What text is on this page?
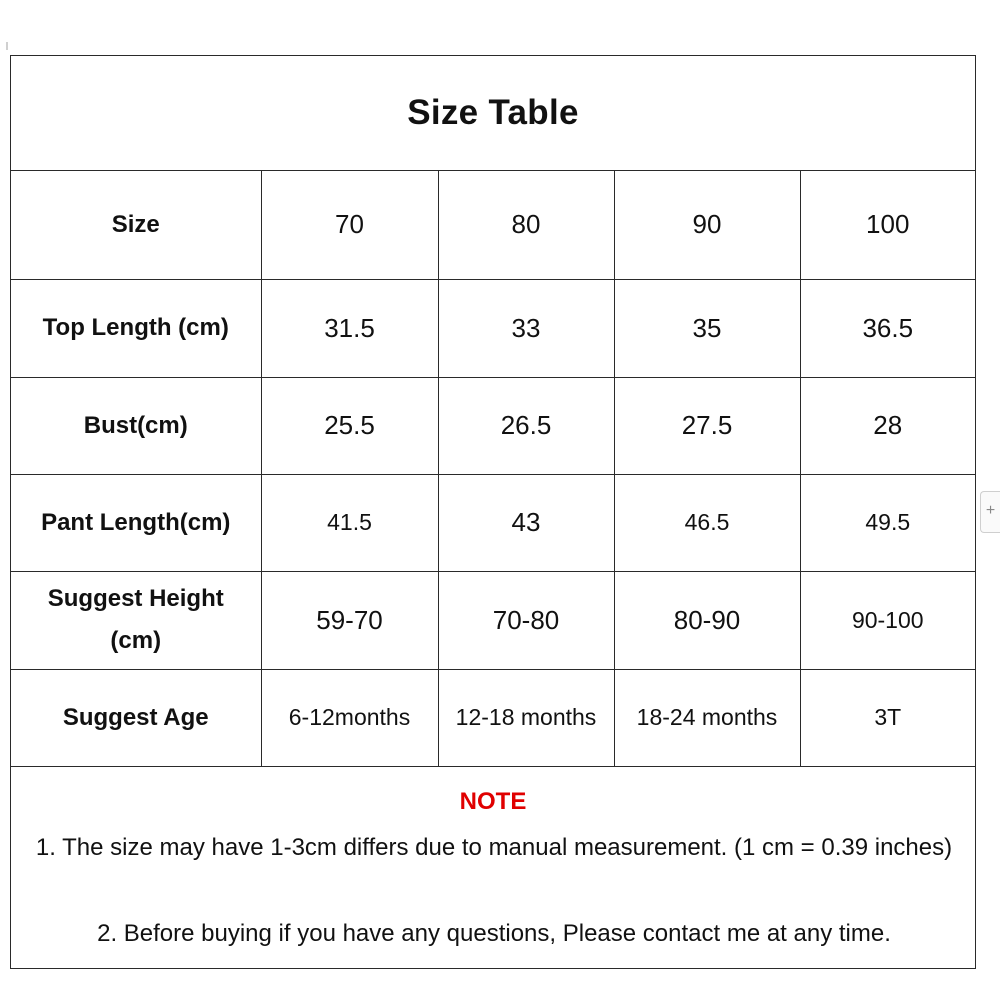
Size Table
Size	70	80	90	100
Top Length (cm)	31.5	33	35	36.5
Bust(cm)	25.5	26.5	27.5	28
Pant Length(cm)	41.5	43	46.5	49.5
Suggest Height (cm)	59-70	70-80	80-90	90-100
Suggest Age	6-12months	12-18 months	18-24 months	3T
NOTE
1. The size may have 1-3cm differs due to manual measurement. (1 cm = 0.39 inches)
2. Before buying if you have any questions, Please contact me at any time.
+
